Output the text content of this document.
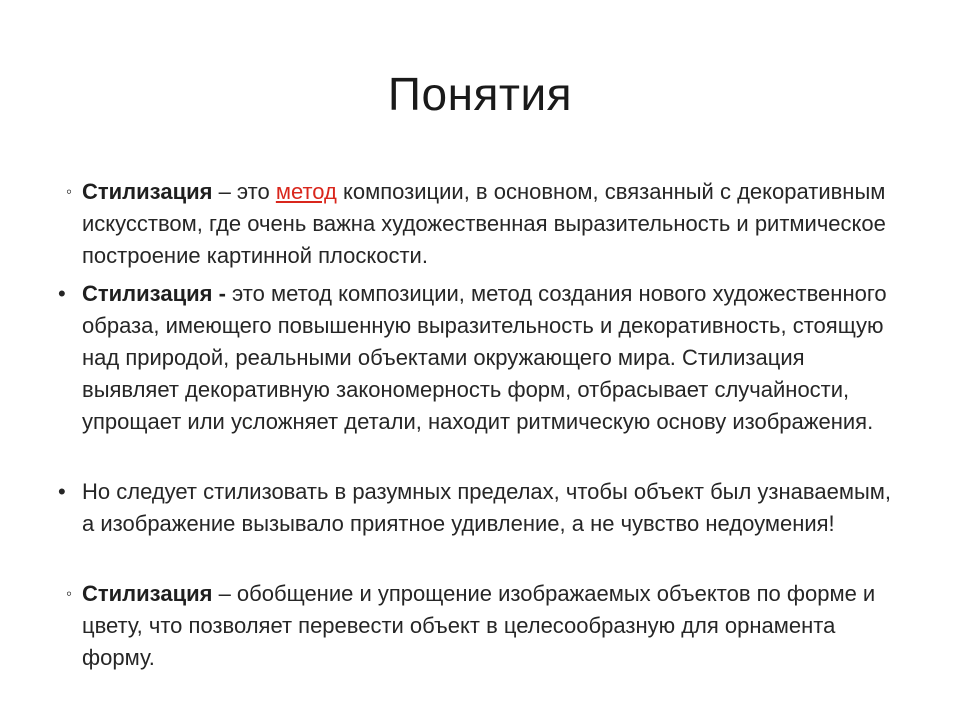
Понятия
◦ Стилизация – это метод композиции, в основном, связанный с декоративным искусством, где очень важна художественная выразительность и ритмическое построение картинной плоскости.
• Стилизация - это метод композиции, метод создания нового художественного образа, имеющего повышенную выразительность и декоративность, стоящую над природой, реальными объектами окружающего мира. Стилизация выявляет декоративную закономерность форм, отбрасывает случайности, упрощает или усложняет детали, находит ритмическую основу изображения.
• Но следует стилизовать в разумных пределах, чтобы объект был узнаваемым, а изображение вызывало приятное удивление, а не чувство недоумения!
◦ Стилизация – обобщение и упрощение изображаемых объектов по форме и цвету, что позволяет перевести объект в целесообразную для орнамента форму.
